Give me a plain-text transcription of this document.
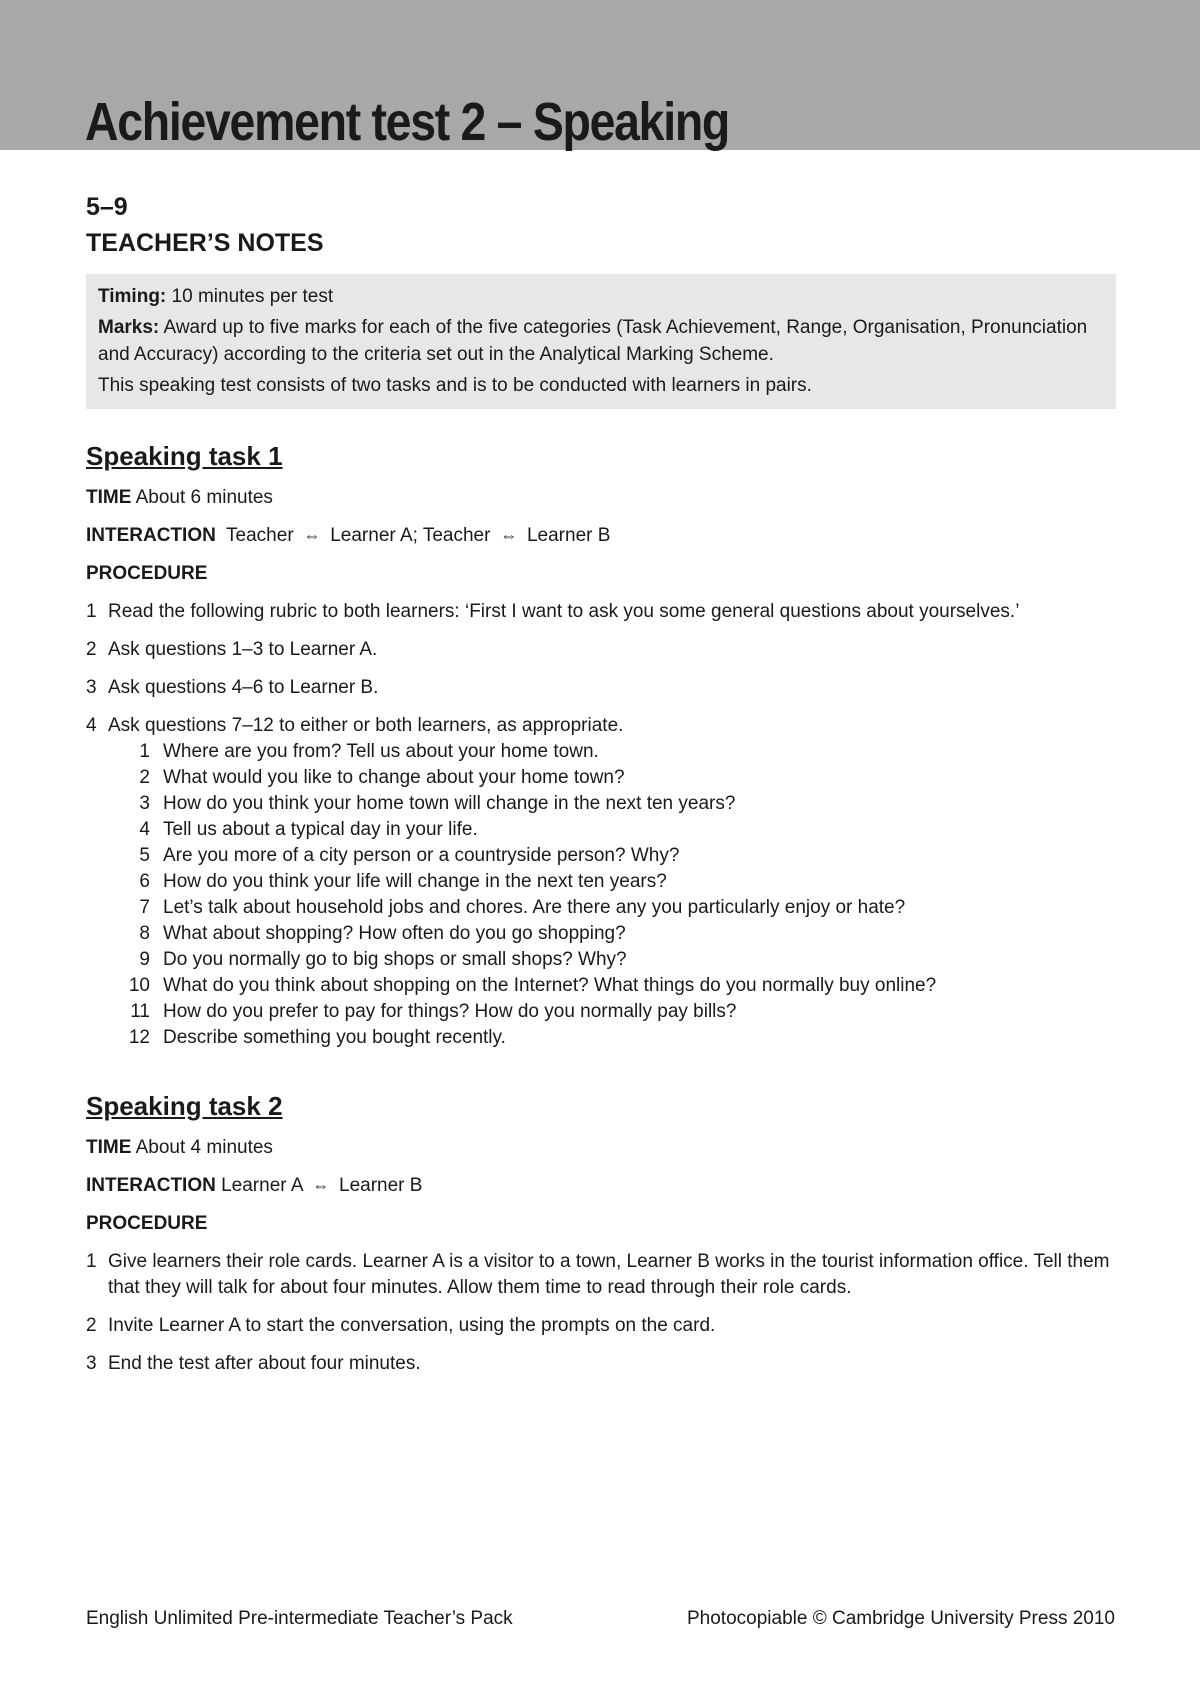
Achievement test 2 – Speaking
5–9
TEACHER’S NOTES

Timing: 10 minutes per test

Marks: Award up to five marks for each of the five categories (Task Achievement, Range, Organisation, Pronunciation and Accuracy) according to the criteria set out in the Analytical Marking Scheme.

This speaking test consists of two tasks and is to be conducted with learners in pairs.

Speaking task 1
TIME About 6 minutes
INTERACTION Teacher ⇔ Learner A; Teacher ⇔ Learner B
PROCEDURE
1 Read the following rubric to both learners: ‘First I want to ask you some general questions about yourselves.’
2 Ask questions 1–3 to Learner A.
3 Ask questions 4–6 to Learner B.
4 Ask questions 7–12 to either or both learners, as appropriate.
1 Where are you from? Tell us about your home town.
2 What would you like to change about your home town?
3 How do you think your home town will change in the next ten years?
4 Tell us about a typical day in your life.
5 Are you more of a city person or a countryside person? Why?
6 How do you think your life will change in the next ten years?
7 Let’s talk about household jobs and chores. Are there any you particularly enjoy or hate?
8 What about shopping? How often do you go shopping?
9 Do you normally go to big shops or small shops? Why?
10 What do you think about shopping on the Internet? What things do you normally buy online?
11 How do you prefer to pay for things? How do you normally pay bills?
12 Describe something you bought recently.
Speaking task 2
TIME About 4 minutes
INTERACTION Learner A ⇔ Learner B
PROCEDURE
1 Give learners their role cards. Learner A is a visitor to a town, Learner B works in the tourist information office. Tell them that they will talk for about four minutes. Allow them time to read through their role cards.
2 Invite Learner A to start the conversation, using the prompts on the card.
3 End the test after about four minutes.
English Unlimited Pre-intermediate Teacher’s Pack	Photocopiable © Cambridge University Press 2010
